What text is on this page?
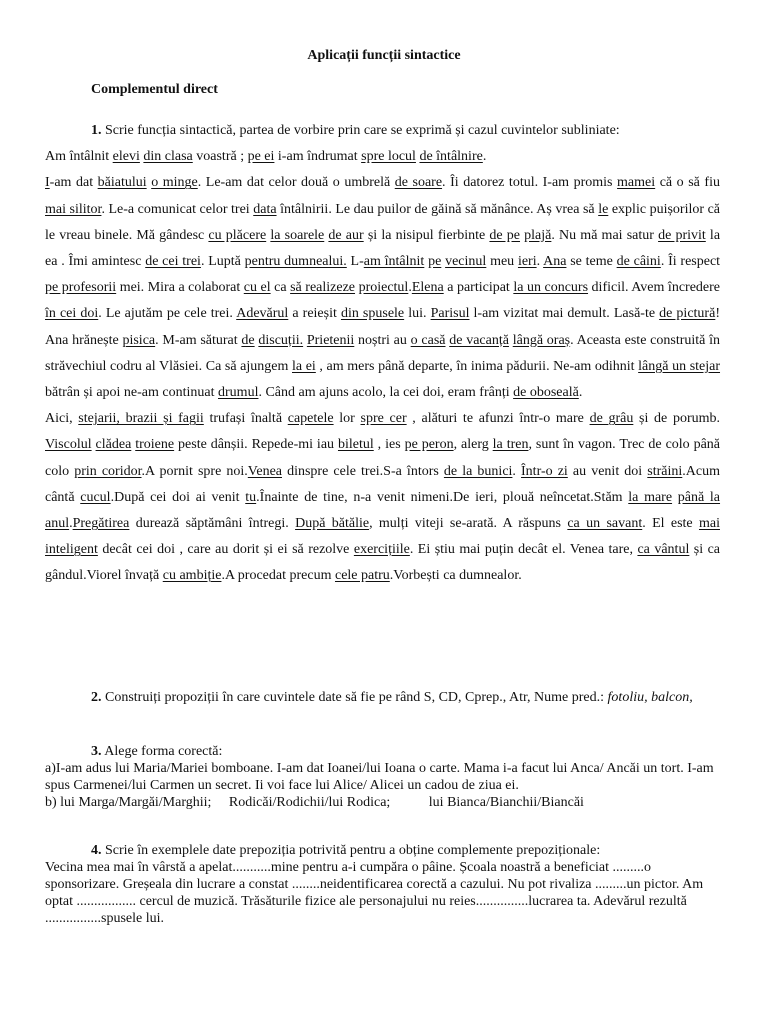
Aplicații funcții sintactice
Complementul direct

1. Scrie funcția sintactică, partea de vorbire prin care se exprimă și cazul cuvintelor subliniate:

Am întâlnit elevi din clasa voastră ; pe ei i-am îndrumat spre locul de întâlnire.
I-am dat băiatului o minge. Le-am dat celor două o umbrelă de soare. Îi datorez totul. I-am promis mamei că o să fiu mai silitor. Le-a comunicat celor trei data întâlnirii. Le dau puilor de găină să mănânce. Aș vrea să le explic puișorilor că le vreau binele. Mă gândesc cu plăcere la soarele de aur și la nisipul fierbinte de pe plajă. Nu mă mai satur de privit la ea . Îmi amintesc de cei trei. Luptă pentru dumnealui. L-am întâlnit pe vecinul meu ieri. Ana se teme de câini. Îi respect pe profesorii mei. Mira a colaborat cu el ca să realizeze proiectul.Elena a participat la un concurs dificil. Avem încredere în cei doi. Le ajutăm pe cele trei. Adevărul a reieșit din spusele lui. Parisul l-am vizitat mai demult. Lasă-te de pictură! Ana hrănește pisica. M-am săturat de discuții. Prietenii noștri au o casă de vacanță lângă oraș. Aceasta este construită în străvechiul codru al Vlăsiei. Ca să ajungem la ei , am mers până departe, în inima pădurii. Ne-am odihnit lângă un stejar bătrân și apoi ne-am continuat drumul. Când am ajuns acolo, la cei doi, eram frânți de oboseală.
Aici, stejarii, brazii și fagii trufași înaltă capetele lor spre cer , alături te afunzi într-o mare de grâu și de porumb. Viscolul clădea troiene peste dânșii. Repede-mi iau biletul , ies pe peron, alerg la tren, sunt în vagon. Trec de colo până colo prin coridor.A pornit spre noi.Venea dinspre cele trei.S-a întors de la bunici. Într-o zi au venit doi străini.Acum cântă cucul.După cei doi ai venit tu.Înainte de tine, n-a venit nimeni.De ieri, plouă neîncetat.Stăm la mare până la anul.Pregătirea durează săptămâni întregi. După bătălie, mulți viteji se-arată. A răspuns ca un savant. El este mai inteligent decât cei doi , care au dorit și ei să rezolve exercițiile. Ei știu mai puțin decât el. Venea tare, ca vântul și ca gândul.Viorel învață cu ambiție.A procedat precum cele patru.Vorbești ca dumnealor.

2. Construiți propoziții în care cuvintele date să fie pe rând S, CD, Cprep., Atr, Nume pred.: fotoliu, balcon,

3. Alege forma corectă:

a)I-am adus lui Maria/Mariei bomboane. I-am dat Ioanei/lui Ioana o carte. Mama i-a facut lui Anca/ Ancăi un tort. I-am spus Carmenei/lui Carmen un secret. Ii voi face lui Alice/ Alicei un cadou de ziua ei.

b) lui Marga/Margăi/Marghii; Rodicăi/Rodichii/lui Rodica;	lui Bianca/Bianchii/Biancăi

4. Scrie în exemplele date prepoziția potrivită pentru a obține complemente prepoziționale:

Vecina mea mai în vârstă a apelat...........mine pentru a-i cumpăra o pâine. Școala noastră a beneficiat .........o sponsorizare. Greșeala din lucrare a constat ........neidentificarea corectă a cazului. Nu pot rivaliza .........un pictor. Am optat ................. cercul de muzică. Trăsăturile fizice ale personajului nu reies...............lucrarea ta. Adevărul rezultă ................spusele lui.
